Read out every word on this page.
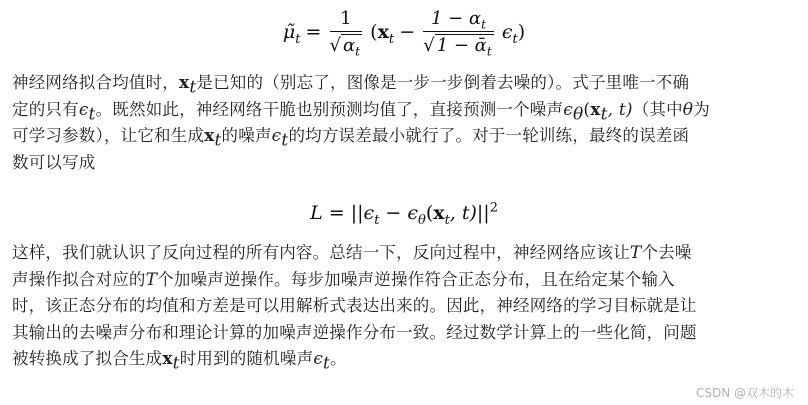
$\mũ_t = \frac{1}{√ \alpha_t} (x_t - \frac{1 - \alpha_t}{√ 1 - ᾱ_t} \epsilon_t)$
神经网络拟合均值时，$x_t$是已知的（别忘了，图像是一步一步倒着去噪的）。式子里唯一不确
定的只有$\epsilon_t$。既然如此，神经网络干脆也别预测均值了，直接预测一个噪声$\epsilon_\theta(x_t$, t)（其中θ为
可学习参数），让它和生成$x_t$的噪声$\epsilon_t$的均方误差最小就行了。对于一轮训练，最终的误差函
数可以写成
$L = ||\epsilon_t - \epsilon_\theta(x_t$, $t)||^2$
这样，我们就认识了反向过程的所有内容。总结一下，反向过程中，神经网络应该让T个去噪
声操作拟合对应的T个加噪声逆操作。每步加噪声逆操作符合正态分布，且在给定某个输入
时，该正态分布的均值和方差是可以用解析式表达出来的。因此，神经网络的学习目标就是让
其输出的去噪声分布和理论计算的加噪声逆操作分布一致。经过数学计算上的一些化简，问题
被转换成了拟合生成$x_t$时用到的随机噪声$\epsilon_t$。
CSDN @双木的木
